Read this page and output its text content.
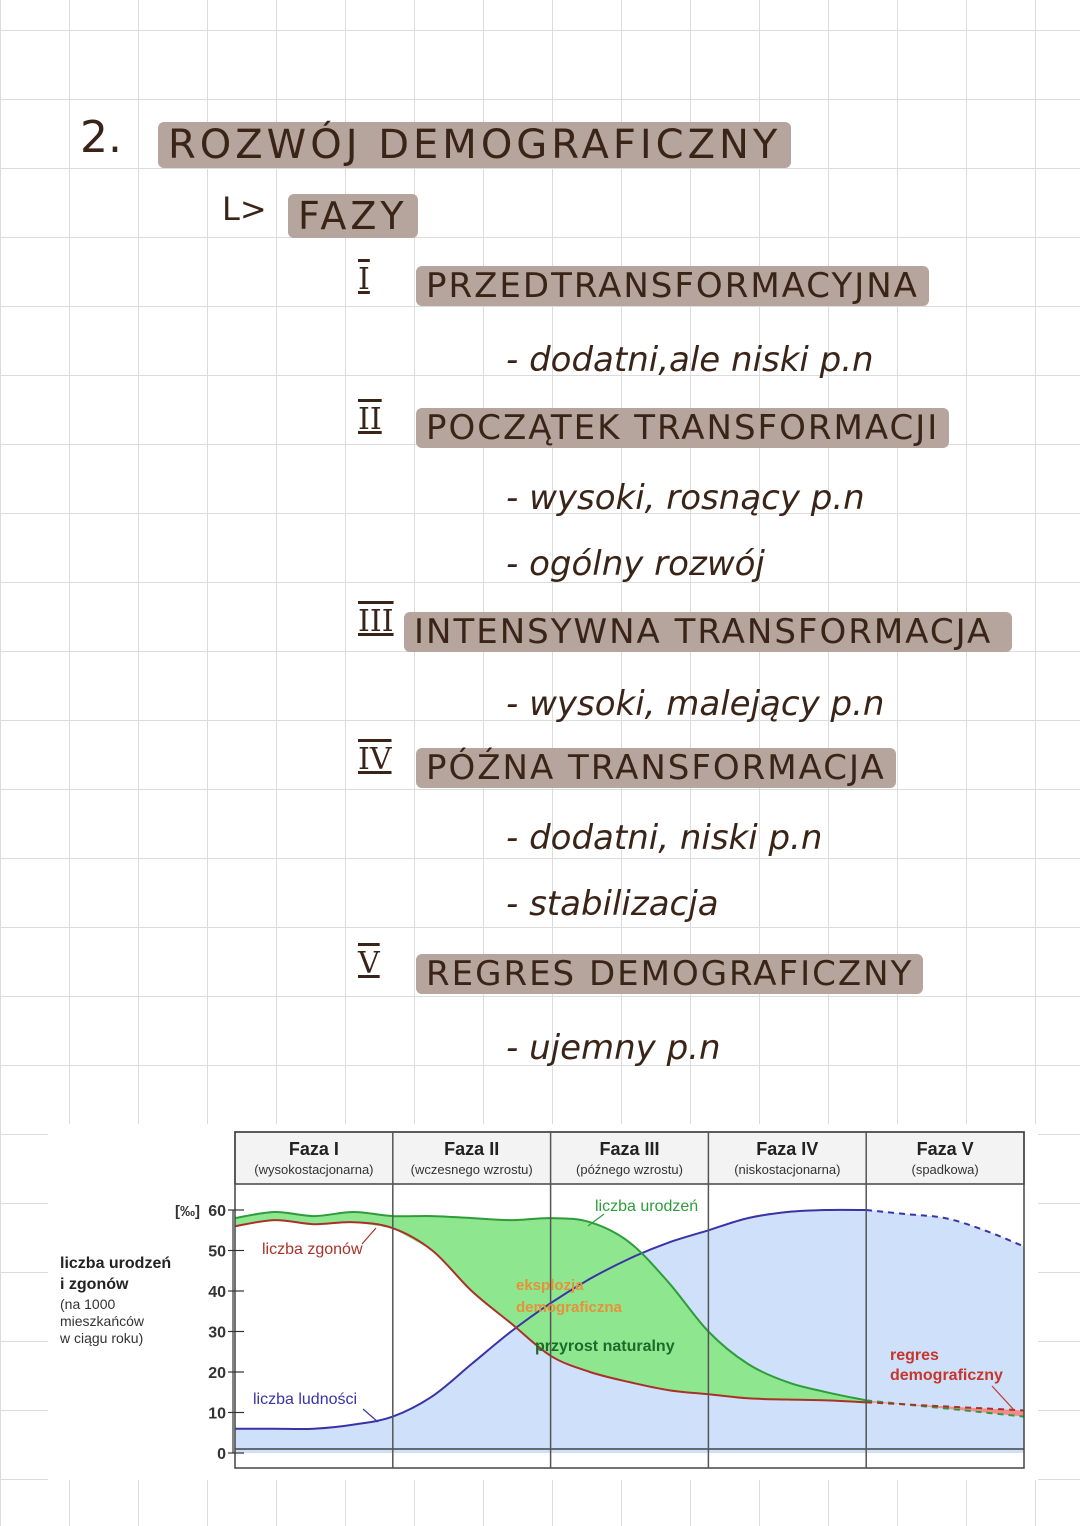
2. ROZWÓJ DEMOGRAFICZNY
L> FAZY
I PRZEDTRANSFORMACYJNA
- dodatni,ale niski p.n
II POCZĄTEK TRANSFORMACJI
- wysoki, rosnący p.n
- ogólny rozwój
III INTENSYWNA TRANSFORMACJA
- wysoki, malejący p.n
IV PÓŹNA TRANSFORMACJA
- dodatni, niski p.n
- stabilizacja
V REGRES DEMOGRAFICZNY
- ujemny p.n
Faza I
(wysokostacjonarna)
Faza II
(wczesnego wzrostu)
Faza III
(późnego wzrostu)
Faza IV
(niskostacjonarna)
Faza V
(spadkowa)
0
10
20
30
40
50
60
[‰]
liczba urodzeń
i zgonów
(na 1000
mieszkańców
w ciągu roku)
liczba urodzeń
liczba zgonów
liczba ludności
eksplozja
demograficzna
przyrost naturalny
regres
demograficzny
